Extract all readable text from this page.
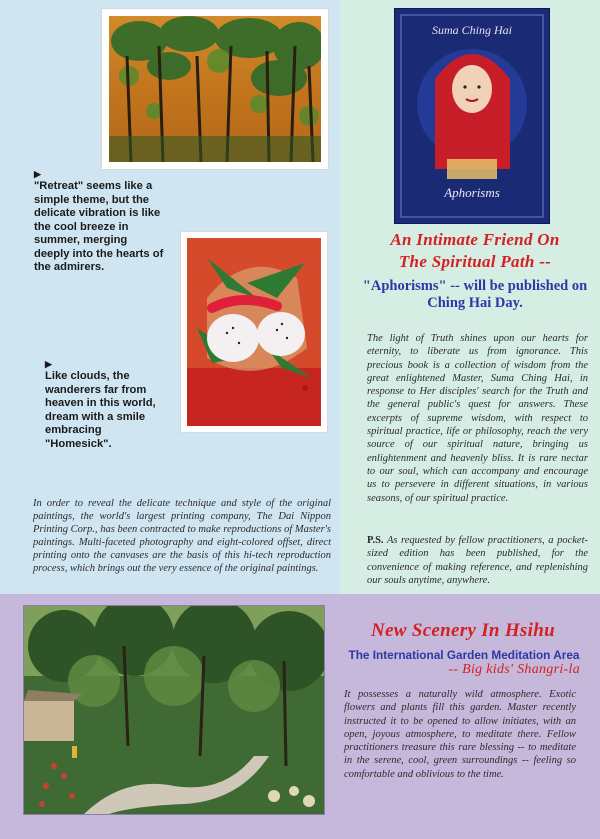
▶
"Retreat" seems like a simple theme, but the delicate vibration is like the cool breeze in summer, merging deeply into the hearts of the admirers.
▶
Like clouds, the wanderers far from heaven in this world, dream with a smile embracing "Homesick".
In order to reveal the delicate technique and style of the original paintings, the world's largest printing company, The Dai Nippon Printing Corp., has been contracted to make reproductions of Master's paintings. Multi-faceted photography and eight-colored offset, direct printing onto the canvases are the basis of this hi-tech reproduction process, which brings out the very essence of the original paintings.
Suma Ching Hai
Aphorisms
An Intimate Friend On
The Spiritual Path --
"Aphorisms" -- will be published on Ching Hai Day.
The light of Truth shines upon our hearts for eternity, to liberate us from ignorance. This precious book is a collection of wisdom from the great enlightened Master, Suma Ching Hai, in response to Her disciples' search for the Truth and the general public's quest for answers. These excerpts of supreme wisdom, with respect to spiritual practice, life or philosophy, reach the very source of our spiritual nature, bringing us enlightenment and heavenly bliss. It is rare nectar to our soul, which can accompany and encourage us to persevere in different situations, in various seasons, of our spiritual practice.
P.S. As requested by fellow practitioners, a pocket-sized edition has been published, for the convenience of making reference, and replenishing our souls anytime, anywhere.
New Scenery In Hsihu
The International Garden Meditation Area
-- Big kids' Shangri-la
It possesses a naturally wild atmosphere. Exotic flowers and plants fill this garden. Master recently instructed it to be opened to allow initiates, with an open, joyous atmosphere, to meditate there. Fellow practitioners treasure this rare blessing -- to meditate in the serene, cool, green surroundings -- feeling so comfortable and oblivious to the time.
